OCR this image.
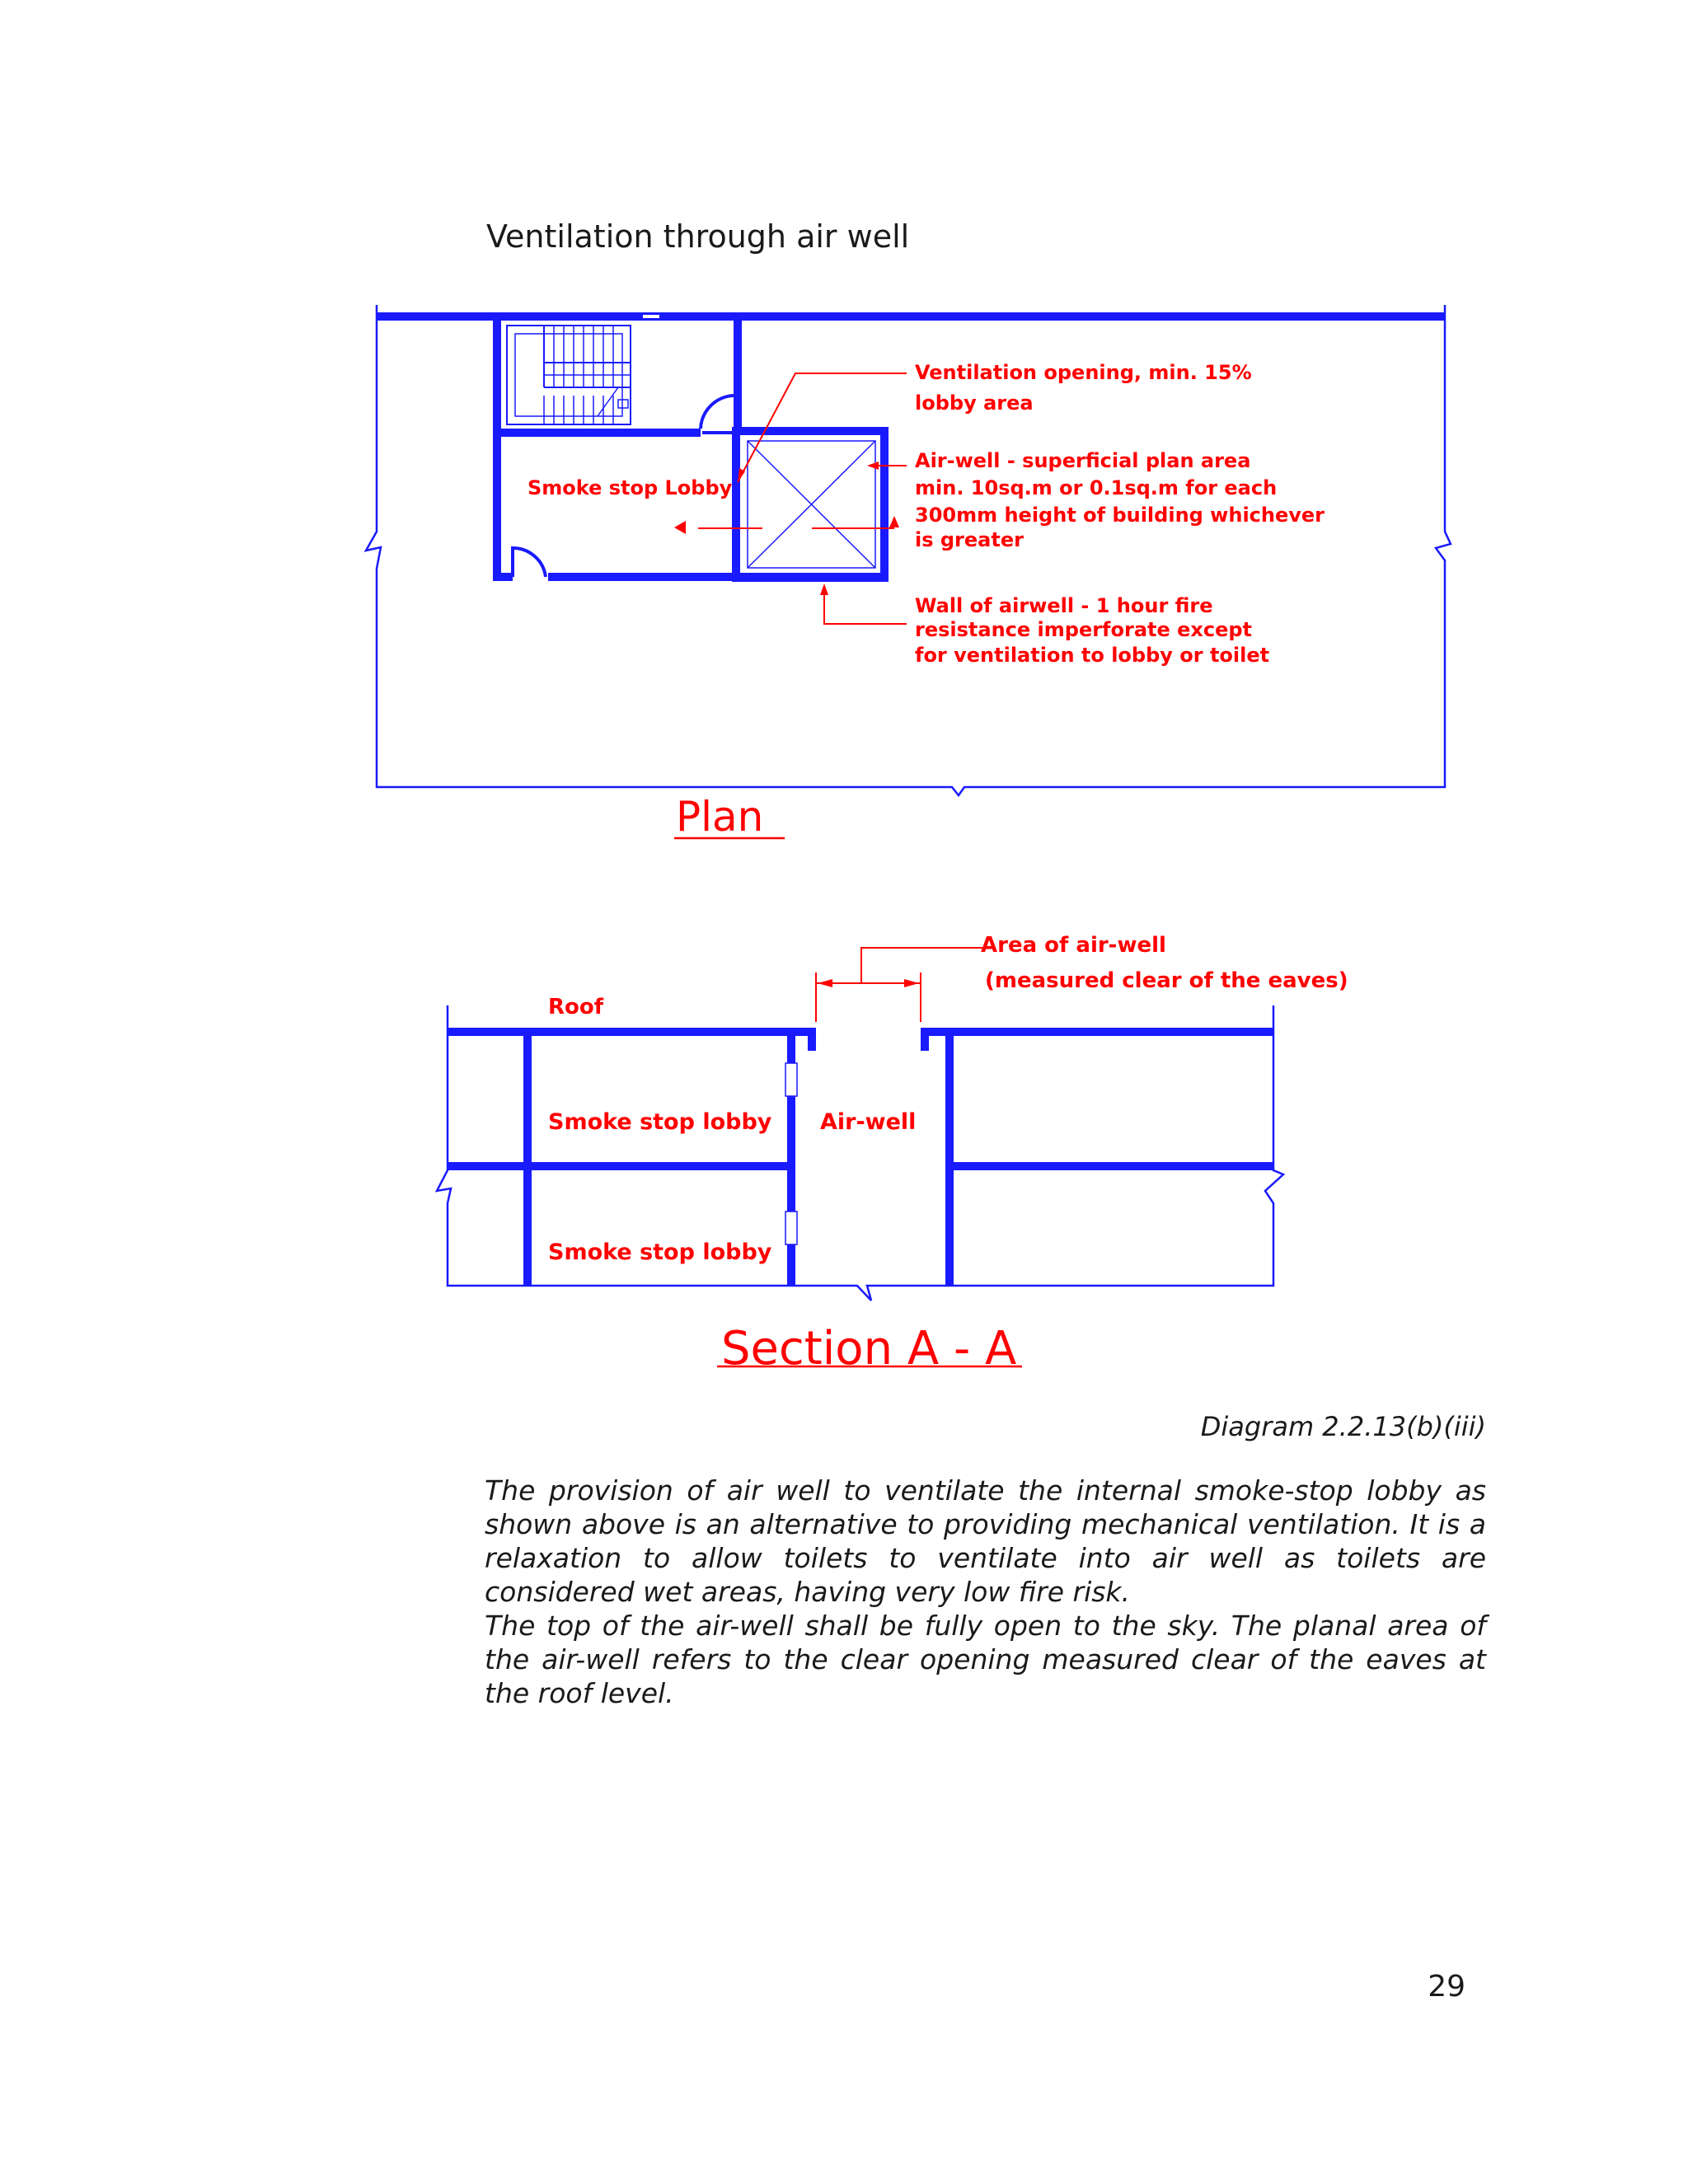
Ventilation through air well
Smoke stop Lobby
Ventilation opening, min. 15%
lobby area
Air-well - superficial plan area
min. 10sq.m or 0.1sq.m for each
300mm height of building whichever
is greater
Wall of airwell - 1 hour fire
resistance imperforate except
for ventilation to lobby or toilet
Plan
Area of air-well
(measured clear of the eaves)
Roof
Smoke stop lobby
Smoke stop lobby
Air-well
Section A - A
Diagram 2.2.13(b)(iii)

The provision of air well to ventilate the internal smoke-stop lobby as shown above is an alternative to providing mechanical ventilation. It is a relaxation to allow toilets to ventilate into air well as toilets are considered wet areas, having very low fire risk.

The top of the air-well shall be fully open to the sky. The planal area of the air-well refers to the clear opening measured clear of the eaves at the roof level.

29
